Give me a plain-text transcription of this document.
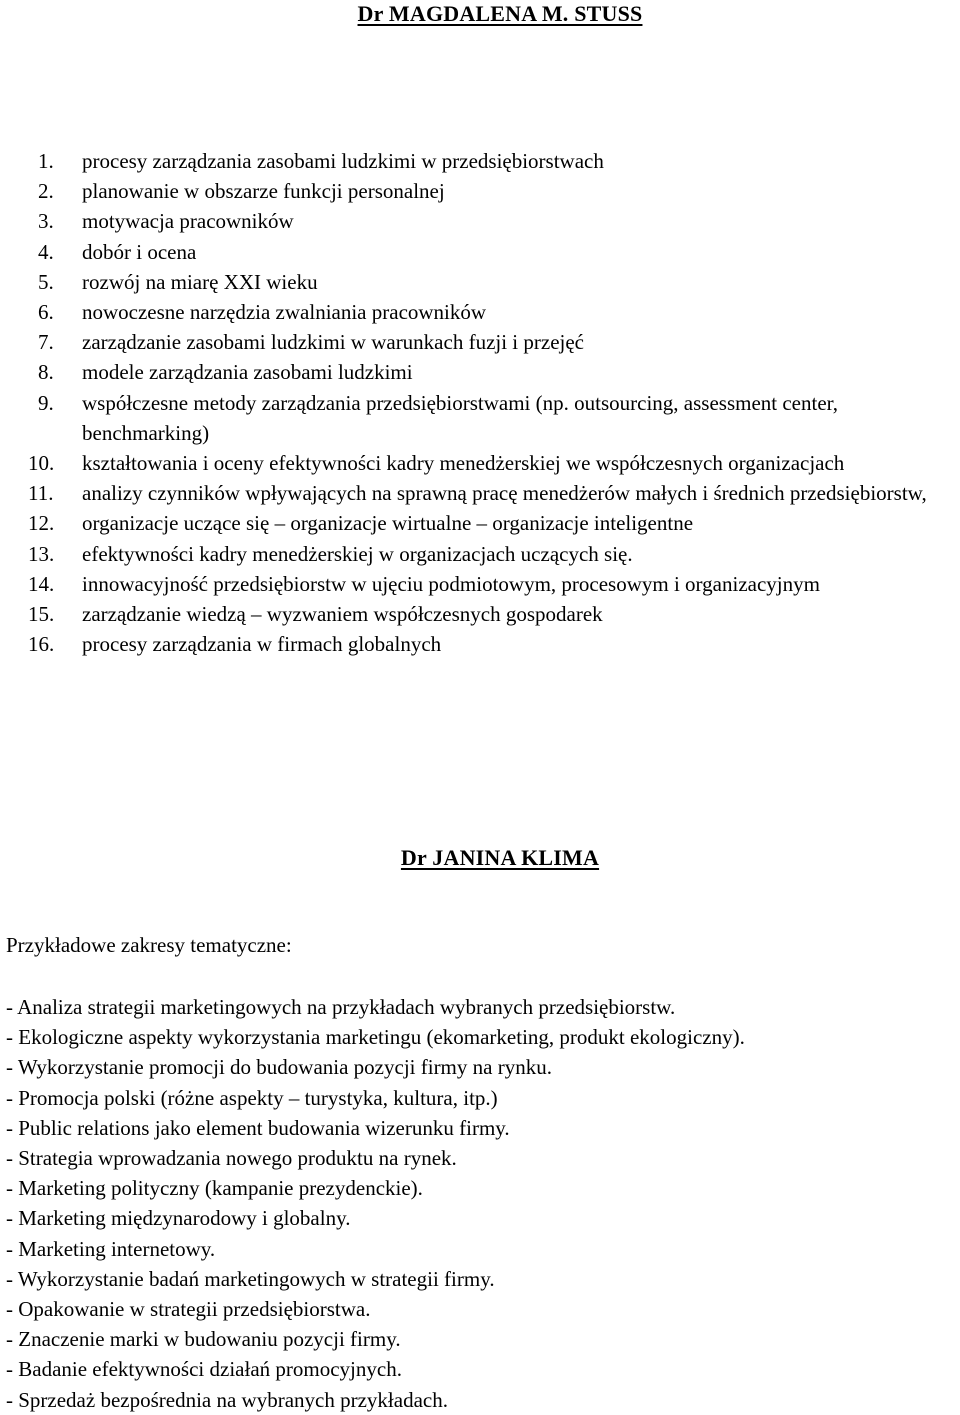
Dr MAGDALENA M. STUSS
1.	procesy zarządzania zasobami ludzkimi w przedsiębiorstwach
2.	planowanie w obszarze funkcji personalnej
3.	motywacja pracowników
4.	dobór i ocena
5.	rozwój na miarę XXI wieku
6.	nowoczesne narzędzia zwalniania pracowników
7.	zarządzanie zasobami ludzkimi w warunkach fuzji i przejęć
8.	modele zarządzania zasobami ludzkimi
9.	współczesne metody zarządzania przedsiębiorstwami (np. outsourcing, assessment center, benchmarking)
10.	kształtowania i oceny efektywności kadry menedżerskiej we współczesnych organizacjach
11.	analizy czynników wpływających na sprawną pracę menedżerów małych i średnich przedsiębiorstw,
12.	organizacje uczące się – organizacje wirtualne – organizacje inteligentne
13.	efektywności kadry menedżerskiej w organizacjach uczących się.
14.	innowacyjność przedsiębiorstw w ujęciu podmiotowym, procesowym i organizacyjnym
15.	zarządzanie wiedzą – wyzwaniem współczesnych gospodarek
16.	procesy zarządzania w firmach globalnych
Dr JANINA KLIMA
Przykładowe zakresy tematyczne:
- Analiza strategii marketingowych na przykładach wybranych przedsiębiorstw.
- Ekologiczne aspekty wykorzystania marketingu (ekomarketing, produkt ekologiczny).
- Wykorzystanie promocji do budowania pozycji firmy na rynku.
- Promocja polski (różne aspekty – turystyka, kultura, itp.)
- Public relations jako element budowania wizerunku firmy.
- Strategia wprowadzania nowego produktu na rynek.
- Marketing polityczny (kampanie prezydenckie).
- Marketing międzynarodowy i globalny.
- Marketing internetowy.
- Wykorzystanie badań marketingowych w strategii firmy.
- Opakowanie w strategii przedsiębiorstwa.
- Znaczenie marki w budowaniu pozycji firmy.
- Badanie efektywności działań promocyjnych.
- Sprzedaż bezpośrednia na wybranych przykładach.
